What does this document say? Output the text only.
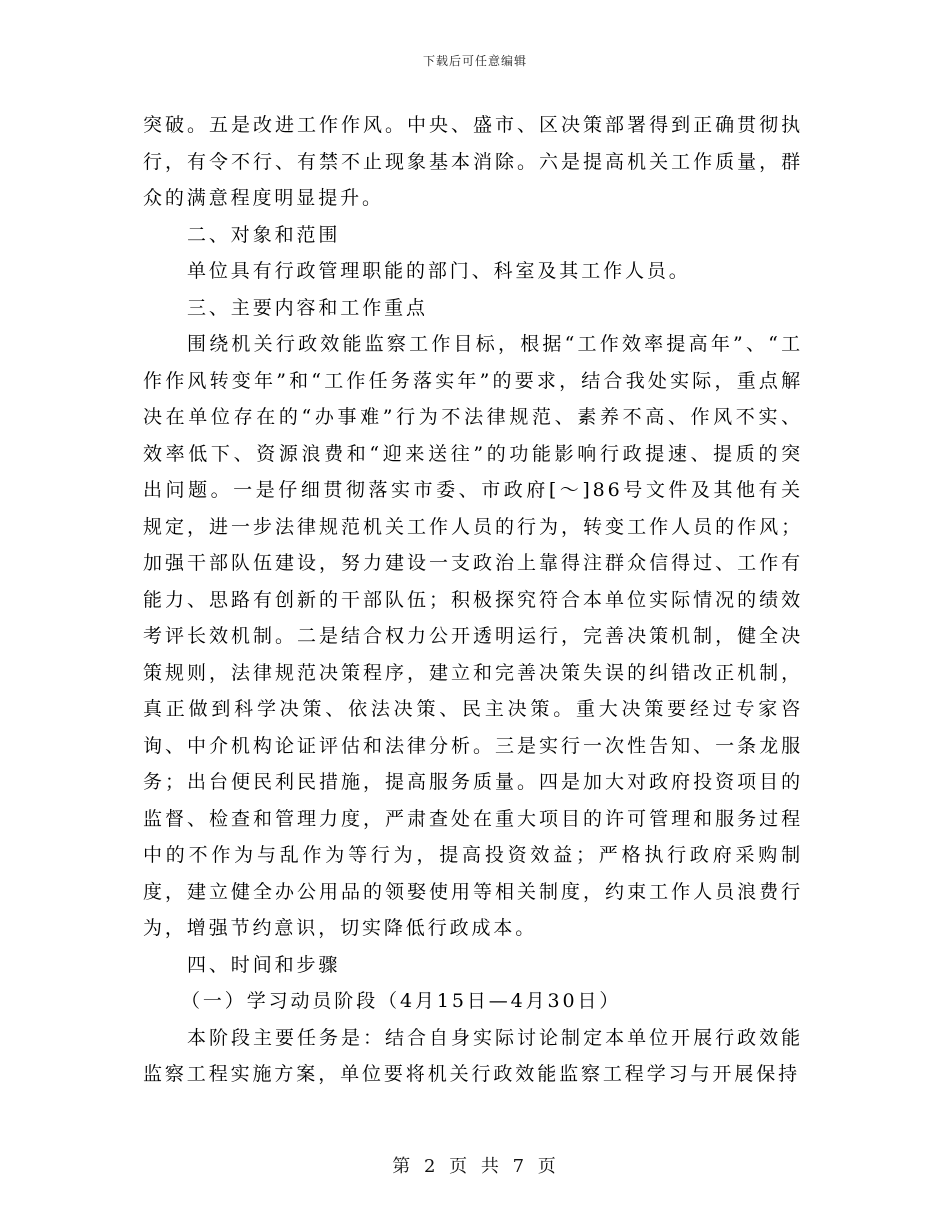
下载后可任意编辑

突破。五是改进工作作风。中央、盛市、区决策部署得到正确贯彻执行，有令不行、有禁不止现象基本消除。六是提高机关工作质量，群众的满意程度明显提升。

二、对象和范围

单位具有行政管理职能的部门、科室及其工作人员。

三、主要内容和工作重点

围绕机关行政效能监察工作目标，根据“工作效率提高年”、“工作作风转变年”和“工作任务落实年”的要求，结合我处实际，重点解决在单位存在的“办事难”行为不法律规范、素养不高、作风不实、效率低下、资源浪费和“迎来送往”的功能影响行政提速、提质的突出问题。一是仔细贯彻落实市委、市政府[～]86号文件及其他有关规定，进一步法律规范机关工作人员的行为，转变工作人员的作风；加强干部队伍建设，努力建设一支政治上靠得注群众信得过、工作有能力、思路有创新的干部队伍；积极探究符合本单位实际情况的绩效考评长效机制。二是结合权力公开透明运行，完善决策机制，健全决策规则，法律规范决策程序，建立和完善决策失误的纠错改正机制，真正做到科学决策、依法决策、民主决策。重大决策要经过专家咨询、中介机构论证评估和法律分析。三是实行一次性告知、一条龙服务；出台便民利民措施，提高服务质量。四是加大对政府投资项目的监督、检查和管理力度，严肃查处在重大项目的许可管理和服务过程中的不作为与乱作为等行为，提高投资效益；严格执行政府采购制度，建立健全办公用品的领娶使用等相关制度，约束工作人员浪费行为，增强节约意识，切实降低行政成本。

四、时间和步骤

（一）学习动员阶段（4月15日—4月30日）

本阶段主要任务是：结合自身实际讨论制定本单位开展行政效能监察工程实施方案，单位要将机关行政效能监察工程学习与开展保持

第 2 页 共 7 页
